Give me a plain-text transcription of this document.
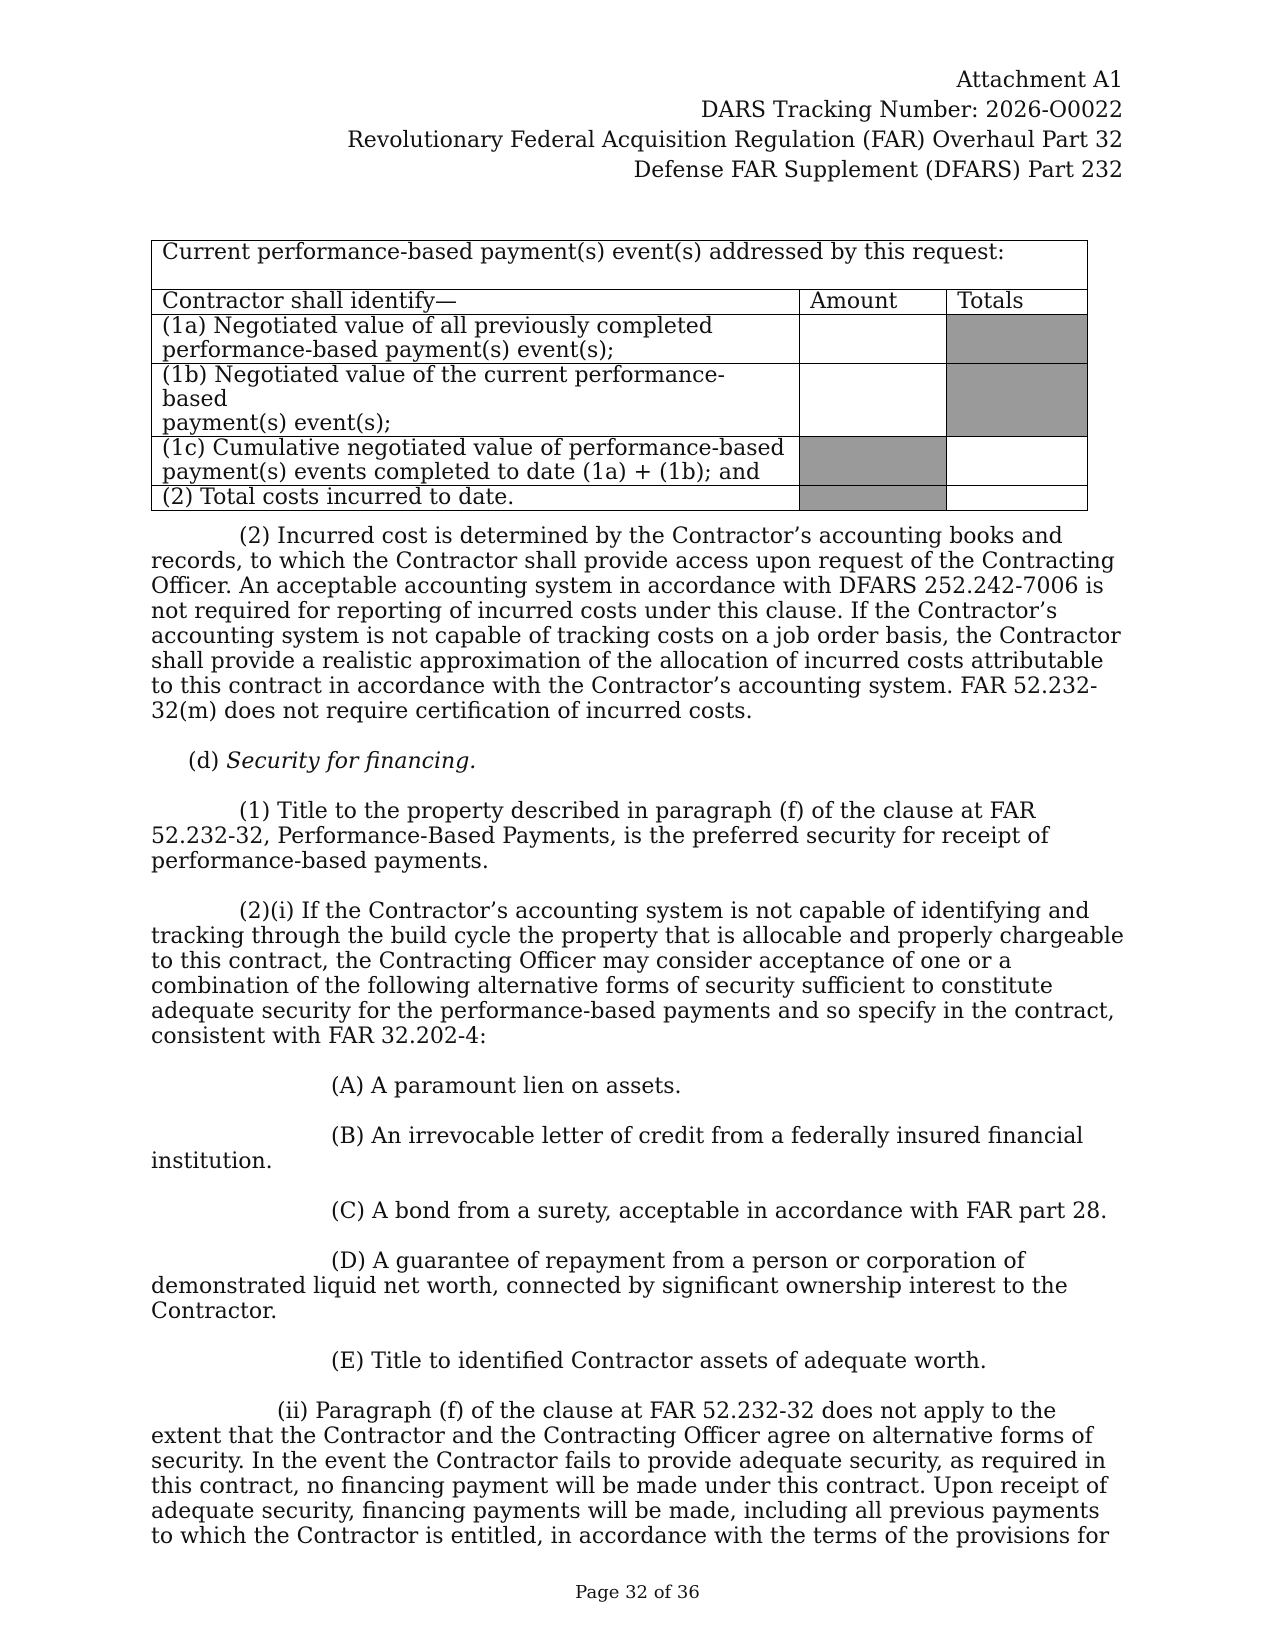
Attachment A1
DARS Tracking Number: 2026-O0022
Revolutionary Federal Acquisition Regulation (FAR) Overhaul Part 32
Defense FAR Supplement (DFARS) Part 232
Current performance-based payment(s) event(s) addressed by this request:		
Contractor shall identify—	Amount	Totals
(1a) Negotiated value of all previously completed
performance-based payment(s) event(s);		
(1b) Negotiated value of the current performance-based
payment(s) event(s);		
(1c) Cumulative negotiated value of performance-based
payment(s) events completed to date (1a) + (1b); and		
(2) Total costs incurred to date.		

(2) Incurred cost is determined by the Contractor’s accounting books and records, to which the Contractor shall provide access upon request of the Contracting Officer. An acceptable accounting system in accordance with DFARS 252.242-7006 is not required for reporting of incurred costs under this clause. If the Contractor’s accounting system is not capable of tracking costs on a job order basis, the Contractor shall provide a realistic approximation of the allocation of incurred costs attributable to this contract in accordance with the Contractor’s accounting system. FAR 52.232-32(m) does not require certification of incurred costs.

(d) Security for financing.

(1) Title to the property described in paragraph (f) of the clause at FAR 52.232-32, Performance-Based Payments, is the preferred security for receipt of performance-based payments.

(2)(i) If the Contractor’s accounting system is not capable of identifying and tracking through the build cycle the property that is allocable and properly chargeable to this contract, the Contracting Officer may consider acceptance of one or a combination of the following alternative forms of security sufficient to constitute adequate security for the performance-based payments and so specify in the contract, consistent with FAR 32.202-4:

(A) A paramount lien on assets.

(B) An irrevocable letter of credit from a federally insured financial institution.

(C) A bond from a surety, acceptable in accordance with FAR part 28.

(D) A guarantee of repayment from a person or corporation of demonstrated liquid net worth, connected by significant ownership interest to the Contractor.

(E) Title to identified Contractor assets of adequate worth.

(ii) Paragraph (f) of the clause at FAR 52.232-32 does not apply to the extent that the Contractor and the Contracting Officer agree on alternative forms of security. In the event the Contractor fails to provide adequate security, as required in this contract, no financing payment will be made under this contract. Upon receipt of adequate security, financing payments will be made, including all previous payments to which the Contractor is entitled, in accordance with the terms of the provisions for

Page 32 of 36
